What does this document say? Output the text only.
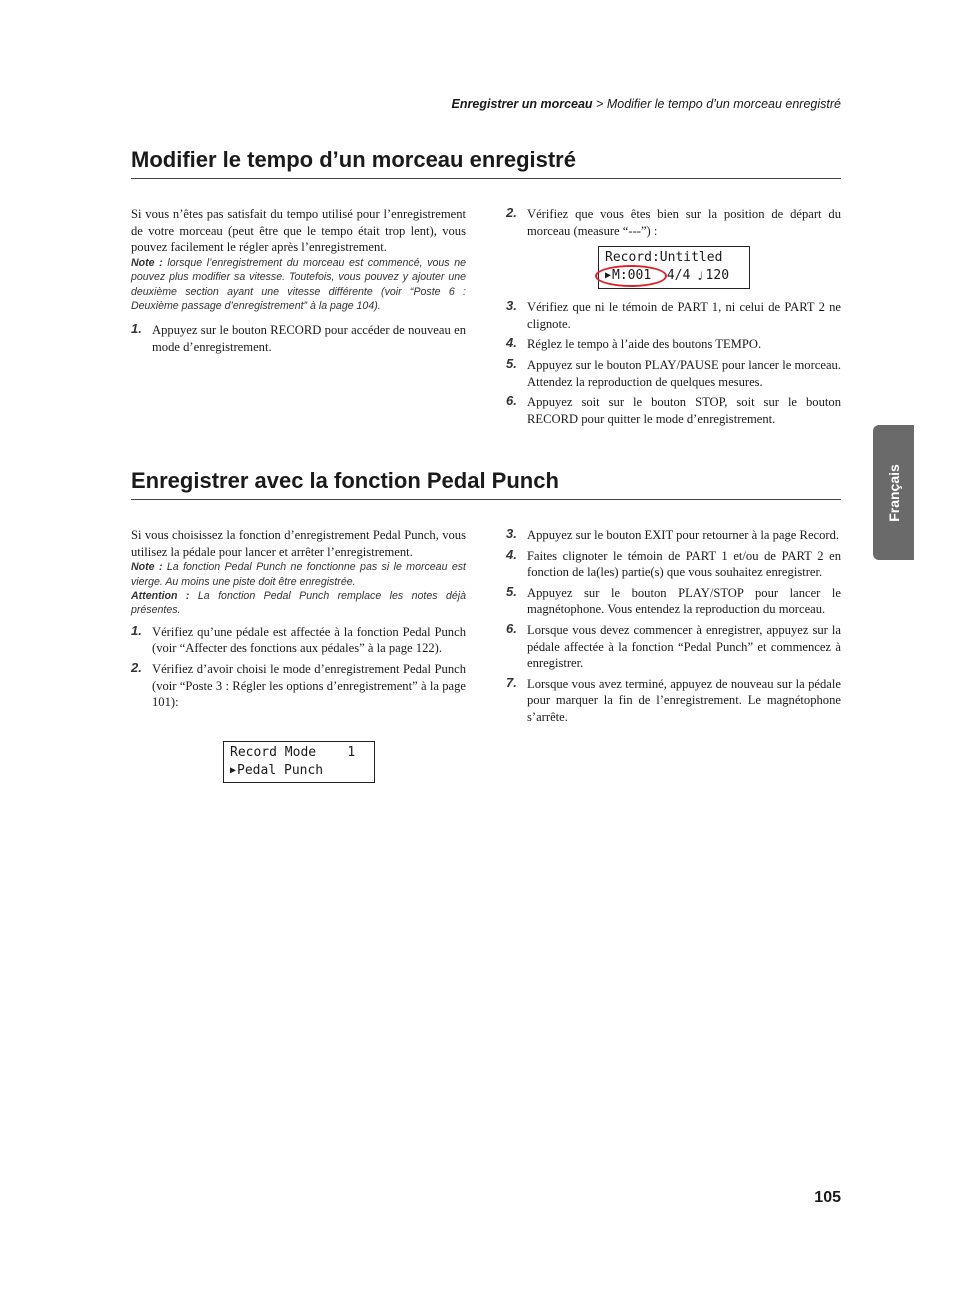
Enregistrer un morceau > Modifier le tempo d’un morceau enregistré
Modifier le tempo d’un morceau enregistré

Si vous n’êtes pas satisfait du tempo utilisé pour l’enregistrement de votre morceau (peut être que le tempo était trop lent), vous pouvez facilement le régler après l’enregistrement.

Note : lorsque l’enregistrement du morceau est commencé, vous ne pouvez plus modifier sa vitesse. Toutefois, vous pouvez y ajouter une deuxième section ayant une vitesse différente (voir “Poste 6 : Deuxième passage d’enregistrement” à la page 104).

1. Appuyez sur le bouton RECORD pour accéder de nouveau en mode d’enregistrement.
2. Vérifiez que vous êtes bien sur la position de départ du morceau (measure “---”) :
3. Vérifiez que ni le témoin de PART 1, ni celui de PART 2 ne clignote.
4. Réglez le tempo à l’aide des boutons TEMPO.
5. Appuyez sur le bouton PLAY/PAUSE pour lancer le morceau. Attendez la reproduction de quelques mesures.
6. Appuyez soit sur le bouton STOP, soit sur le bouton RECORD pour quitter le mode d’enregistrement.
Record:Untitled
▶ M:001
4/4 ♩ 120
Enregistrer avec la fonction Pedal Punch

Si vous choisissez la fonction d’enregistrement Pedal Punch, vous utilisez la pédale pour lancer et arrêter l’enregistrement.

Note : La fonction Pedal Punch ne fonctionne pas si le morceau est vierge. Au moins une piste doit être enregistrée.

Attention : La fonction Pedal Punch remplace les notes déjà présentes.

1. Vérifiez qu’une pédale est affectée à la fonction Pedal Punch (voir “Affecter des fonctions aux pédales” à la page 122).
2. Vérifiez d’avoir choisi le mode d’enregistrement Pedal Punch (voir “Poste 3 : Régler les options d’enregistrement” à la page 101):
Record Mode
1
▶ Pedal Punch
3. Appuyez sur le bouton EXIT pour retourner à la page Record.
4. Faites clignoter le témoin de PART 1 et/ou de PART 2 en fonction de la(les) partie(s) que vous souhaitez enregistrer.
5. Appuyez sur le bouton PLAY/STOP pour lancer le magnétophone. Vous entendez la reproduction du morceau.
6. Lorsque vous devez commencer à enregistrer, appuyez sur la pédale affectée à la fonction “Pedal Punch” et commencez à enregistrer.
7. Lorsque vous avez terminé, appuyez de nouveau sur la pédale pour marquer la fin de l’enregistrement. Le magnétophone s’arrête.
Français
105
